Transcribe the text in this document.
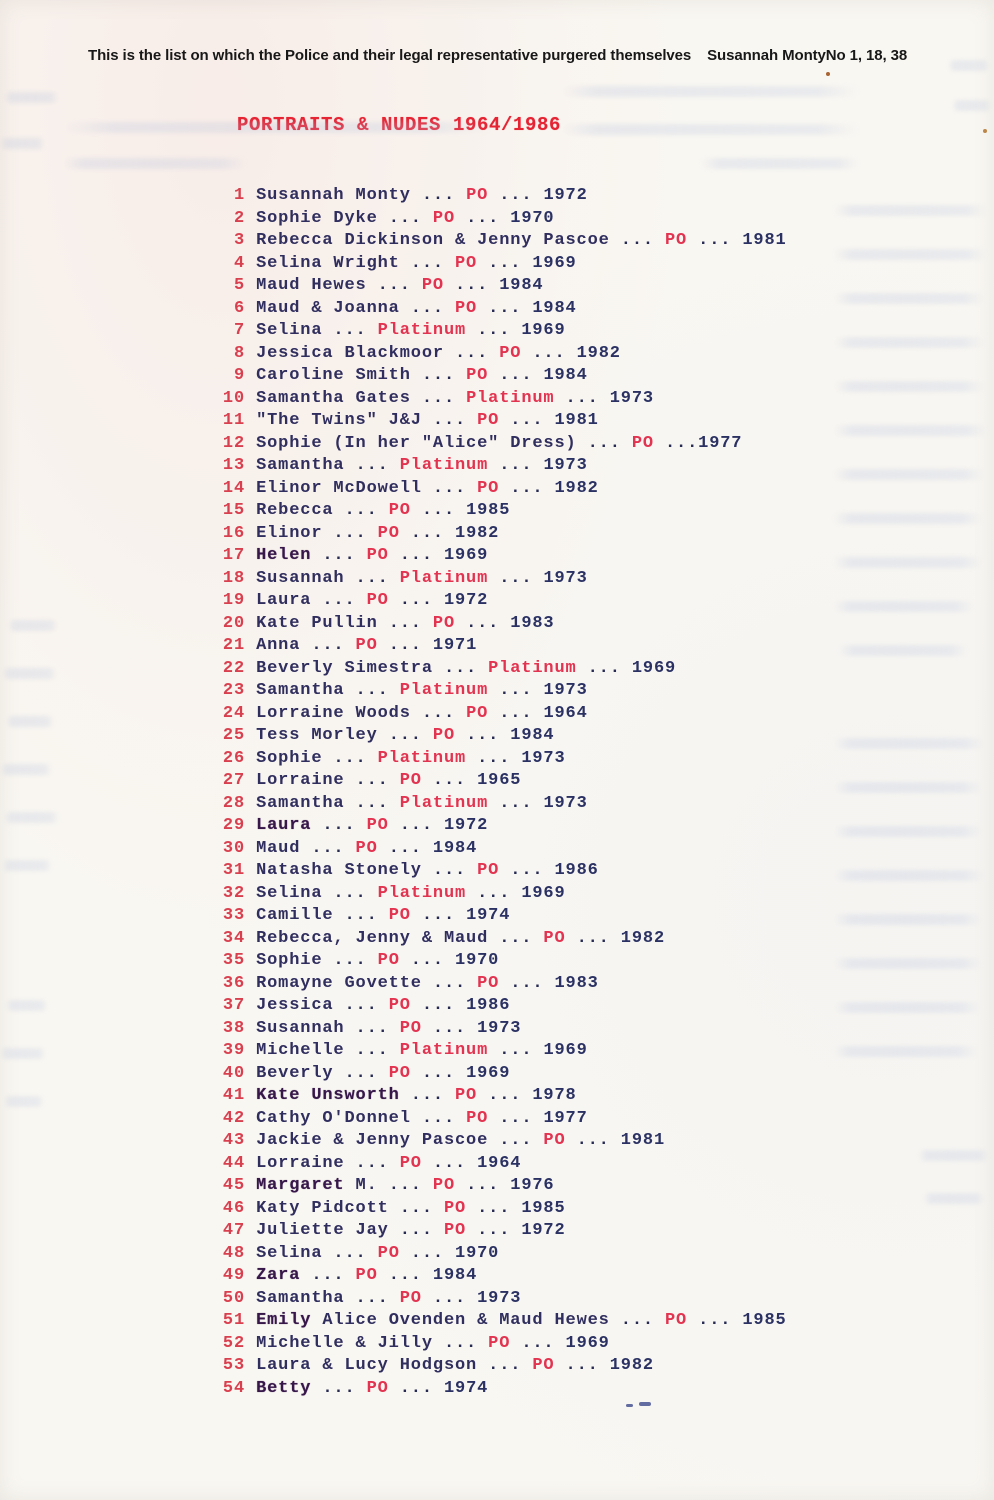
This is the list on which the Police and their legal representative purgered themselves Susannah MontyNo 1, 18, 38
PORTRAITS & NUDES 1964/1986
1 Susannah Monty ... PO ... 1972
2 Sophie Dyke ... PO ... 1970
3 Rebecca Dickinson & Jenny Pascoe ... PO ... 1981
4 Selina Wright ... PO ... 1969
5 Maud Hewes ... PO ... 1984
6 Maud & Joanna ... PO ... 1984
7 Selina ... Platinum ... 1969
8 Jessica Blackmoor ... PO ... 1982
9 Caroline Smith ... PO ... 1984
10 Samantha Gates ... Platinum ... 1973
11 "The Twins" J&J ... PO ... 1981
12 Sophie (In her "Alice" Dress) ... PO ...1977
13 Samantha ... Platinum ... 1973
14 Elinor McDowell ... PO ... 1982
15 Rebecca ... PO ... 1985
16 Elinor ... PO ... 1982
17 Helen ... PO ... 1969
18 Susannah ... Platinum ... 1973
19 Laura ... PO ... 1972
20 Kate Pullin ... PO ... 1983
21 Anna ... PO ... 1971
22 Beverly Simestra ... Platinum ... 1969
23 Samantha ... Platinum ... 1973
24 Lorraine Woods ... PO ... 1964
25 Tess Morley ... PO ... 1984
26 Sophie ... Platinum ... 1973
27 Lorraine ... PO ... 1965
28 Samantha ... Platinum ... 1973
29 Laura ... PO ... 1972
30 Maud ... PO ... 1984
31 Natasha Stonely ... PO ... 1986
32 Selina ... Platinum ... 1969
33 Camille ... PO ... 1974
34 Rebecca, Jenny & Maud ... PO ... 1982
35 Sophie ... PO ... 1970
36 Romayne Govette ... PO ... 1983
37 Jessica ... PO ... 1986
38 Susannah ... PO ... 1973
39 Michelle ... Platinum ... 1969
40 Beverly ... PO ... 1969
41 Kate Unsworth ... PO ... 1978
42 Cathy O'Donnel ... PO ... 1977
43 Jackie & Jenny Pascoe ... PO ... 1981
44 Lorraine ... PO ... 1964
45 Margaret M. ... PO ... 1976
46 Katy Pidcott ... PO ... 1985
47 Juliette Jay ... PO ... 1972
48 Selina ... PO ... 1970
49 Zara ... PO ... 1984
50 Samantha ... PO ... 1973
51 Emily Alice Ovenden & Maud Hewes ... PO ... 1985
52 Michelle & Jilly ... PO ... 1969
53 Laura & Lucy Hodgson ... PO ... 1982
54 Betty ... PO ... 1974
